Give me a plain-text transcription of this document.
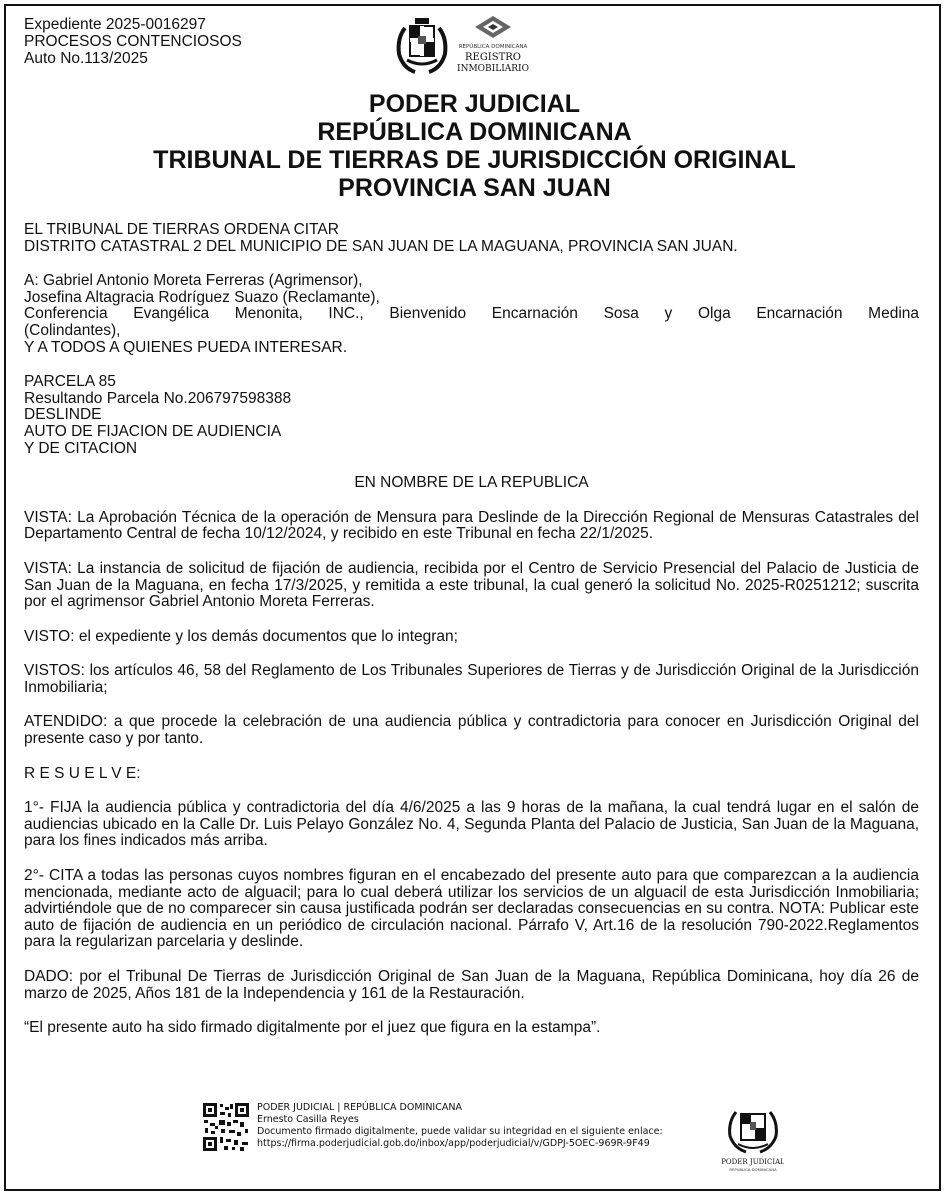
Expediente 2025-0016297
PROCESOS CONTENCIOSOS
Auto No.113/2025
REPÚBLICA DOMINICANA
REGISTRO
INMOBILIARIO
PODER JUDICIAL
REPÚBLICA DOMINICANA
TRIBUNAL DE TIERRAS DE JURISDICCIÓN ORIGINAL
PROVINCIA SAN JUAN

EL TRIBUNAL DE TIERRAS ORDENA CITAR

DISTRITO CATASTRAL 2 DEL MUNICIPIO DE SAN JUAN DE LA MAGUANA, PROVINCIA SAN JUAN.

A: Gabriel Antonio Moreta Ferreras (Agrimensor),

Josefina Altagracia Rodríguez Suazo (Reclamante),

Conferencia Evangélica Menonita, INC., Bienvenido Encarnación Sosa y Olga Encarnación Medina

(Colindantes),

Y A TODOS A QUIENES PUEDA INTERESAR.

PARCELA 85

Resultando Parcela No.206797598388

DESLINDE

AUTO DE FIJACION DE AUDIENCIA

Y DE CITACION

EN NOMBRE DE LA REPUBLICA

VISTA: La Aprobación Técnica de la operación de Mensura para Deslinde de la Dirección Regional de Mensuras Catastrales del Departamento Central de fecha 10/12/2024, y recibido en este Tribunal en fecha 22/1/2025.

VISTA: La instancia de solicitud de fijación de audiencia, recibida por el Centro de Servicio Presencial del Palacio de Justicia de San Juan de la Maguana, en fecha 17/3/2025, y remitida a este tribunal, la cual generó la solicitud No. 2025-R0251212; suscrita por el agrimensor Gabriel Antonio Moreta Ferreras.

VISTO: el expediente y los demás documentos que lo integran;

VISTOS: los artículos 46, 58 del Reglamento de Los Tribunales Superiores de Tierras y de Jurisdicción Original de la Jurisdicción Inmobiliaria;

ATENDIDO: a que procede la celebración de una audiencia pública y contradictoria para conocer en Jurisdicción Original del presente caso y por tanto.

R E S U E L V E:

1°- FIJA la audiencia pública y contradictoria del día 4/6/2025 a las 9 horas de la mañana, la cual tendrá lugar en el salón de audiencias ubicado en la Calle Dr. Luis Pelayo González No. 4, Segunda Planta del Palacio de Justicia, San Juan de la Maguana, para los fines indicados más arriba.

2°- CITA a todas las personas cuyos nombres figuran en el encabezado del presente auto para que comparezcan a la audiencia mencionada, mediante acto de alguacil; para lo cual deberá utilizar los servicios de un alguacil de esta Jurisdicción Inmobiliaria; advirtiéndole que de no comparecer sin causa justificada podrán ser declaradas consecuencias en su contra. NOTA: Publicar este auto de fijación de audiencia en un periódico de circulación nacional. Párrafo V, Art.16 de la resolución 790-2022.Reglamentos para la regularizan parcelaria y deslinde.

DADO: por el Tribunal De Tierras de Jurisdicción Original de San Juan de la Maguana, República Dominicana, hoy día 26 de marzo de 2025, Años 181 de la Independencia y 161 de la Restauración.

“El presente auto ha sido firmado digitalmente por el juez que figura en la estampa”.

PODER JUDICIAL | REPÚBLICA DOMINICANA
Ernesto Casilla Reyes
Documento firmado digitalmente, puede validar su integridad en el siguiente enlace:
https://firma.poderjudicial.gob.do/inbox/app/poderjudicial/v/GDPJ-5OEC-969R-9F49
PODER JUDICIAL
REPÚBLICA DOMINICANA
